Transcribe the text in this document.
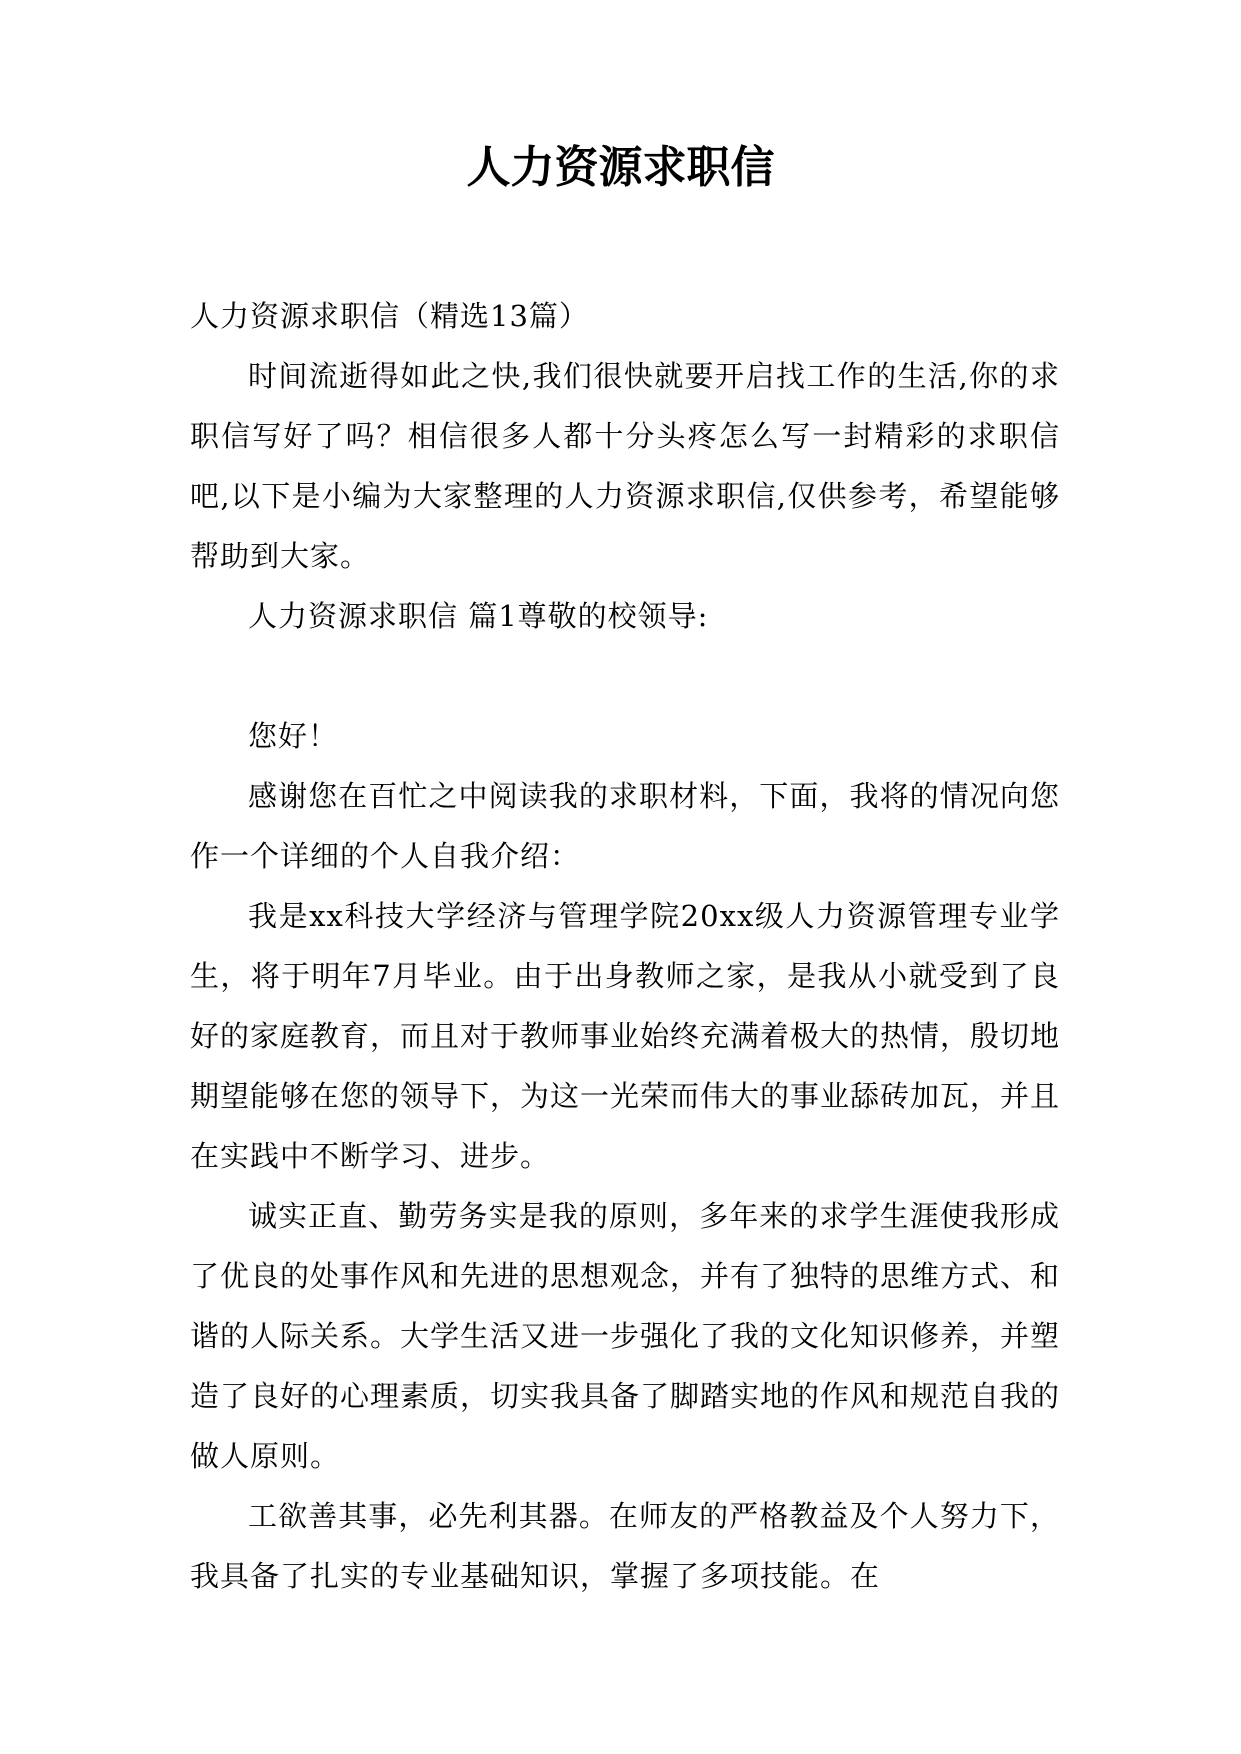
人力资源求职信

人力资源求职信（精选13篇）

时间流逝得如此之快,我们很快就要开启找工作的生活,你的求职信写好了吗？相信很多人都十分头疼怎么写一封精彩的求职信吧,以下是小编为大家整理的人力资源求职信,仅供参考，希望能够帮助到大家。

人力资源求职信 篇1尊敬的校领导:

您好！

感谢您在百忙之中阅读我的求职材料，下面，我将的情况向您作一个详细的个人自我介绍：

我是xx科技大学经济与管理学院20xx级人力资源管理专业学生，将于明年7月毕业。由于出身教师之家，是我从小就受到了良好的家庭教育，而且对于教师事业始终充满着极大的热情，殷切地期望能够在您的领导下，为这一光荣而伟大的事业舔砖加瓦，并且在实践中不断学习、进步。

诚实正直、勤劳务实是我的原则，多年来的求学生涯使我形成了优良的处事作风和先进的思想观念，并有了独特的思维方式、和谐的人际关系。大学生活又进一步强化了我的文化知识修养，并塑造了良好的心理素质，切实我具备了脚踏实地的作风和规范自我的做人原则。

工欲善其事，必先利其器。在师友的严格教益及个人努力下，我具备了扎实的专业基础知识，掌握了多项技能。在
